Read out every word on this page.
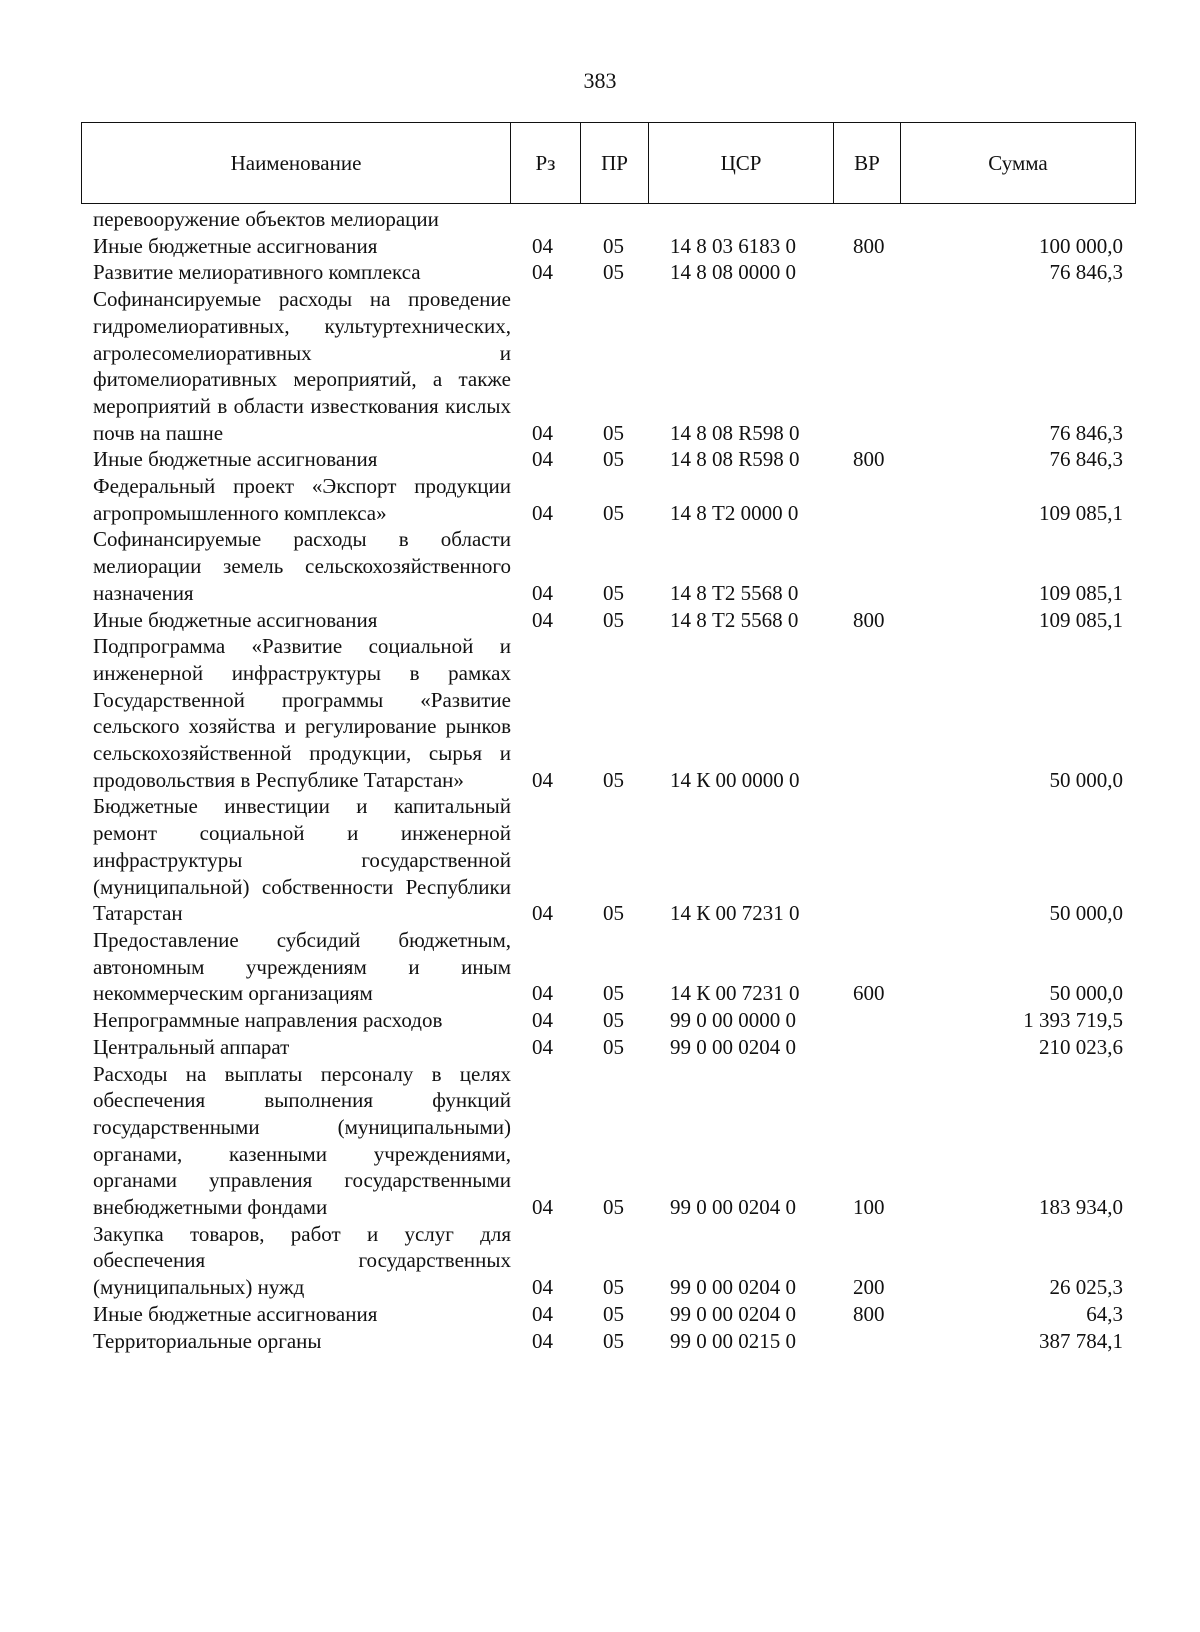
383
Наименование	Рз	ПР	ЦСР	ВР	Сумма
перевооружение объектов мелиорации					

Иные бюджетные ассигнования	04	05	14 8 03 6183 0	800	100 000,0

Развитие мелиоративного комплекса	04	05	14 8 08 0000 0		76 846,3

Софинансируемые расходы на проведение гидромелиоративных, культуртехнических, агролесомелиоративных и фитомелиоративных мероприятий, а также мероприятий в области известкования кислых почв на пашне	04	05	14 8 08 R598 0		76 846,3

Иные бюджетные ассигнования	04	05	14 8 08 R598 0	800	76 846,3

Федеральный проект «Экспорт продукции агропромышленного комплекса»	04	05	14 8 Т2 0000 0		109 085,1

Софинансируемые расходы в области мелиорации земель сельскохозяйственного назначения	04	05	14 8 Т2 5568 0		109 085,1

Иные бюджетные ассигнования	04	05	14 8 Т2 5568 0	800	109 085,1

Подпрограмма «Развитие социальной и инженерной инфраструктуры в рамках Государственной программы «Развитие сельского хозяйства и регулирование рынков сельскохозяйственной продукции, сырья и продовольствия в Республике Татарстан»	04	05	14 К 00 0000 0		50 000,0

Бюджетные инвестиции и капитальный ремонт социальной и инженерной инфраструктуры государственной (муниципальной) собственности Республики Татарстан	04	05	14 К 00 7231 0		50 000,0

Предоставление субсидий бюджетным, автономным учреждениям и иным некоммерческим организациям	04	05	14 К 00 7231 0	600	50 000,0

Непрограммные направления расходов	04	05	99 0 00 0000 0		1 393 719,5

Центральный аппарат	04	05	99 0 00 0204 0		210 023,6

Расходы на выплаты персоналу в целях обеспечения выполнения функций государственными (муниципальными) органами, казенными учреждениями, органами управления государственными внебюджетными фондами	04	05	99 0 00 0204 0	100	183 934,0

Закупка товаров, работ и услуг для обеспечения государственных (муниципальных) нужд	04	05	99 0 00 0204 0	200	26 025,3

Иные бюджетные ассигнования	04	05	99 0 00 0204 0	800	64,3

Территориальные органы	04	05	99 0 00 0215 0		387 784,1
